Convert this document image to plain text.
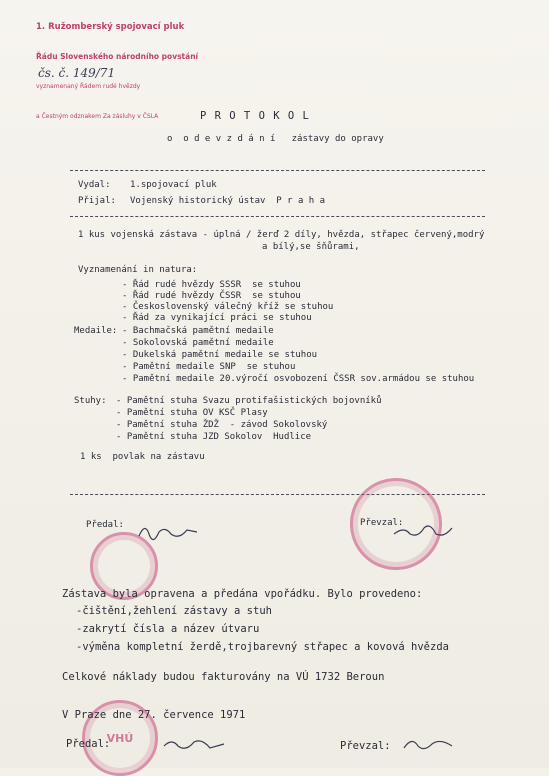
1. Ružomberský spojovací pluk

Řádu Slovenského národního povstání

vyznamenaný Řádem rudé hvězdy

a Čestným odznakem Za zásluhy v ČSLA

čs. č. 149/71
P R O T O K O L
o  o d e v z d á n í   zástavy do opravy
Vydal: 1.spojovací pluk
Přijal: Vojenský historický ústav  P r a h a
1 kus vojenská zástava - úplná / žerď 2 díly, hvězda, střapec červený,modrý
a bílý,se šňůrami,
Vyznamenání in natura:
- Řád rudé hvězdy SSSR  se stuhou
- Řád rudé hvězdy ČSSR  se stuhou
- Československý válečný kříž se stuhou
- Řád za vynikající práci se stuhou
Medaile: - Bachmačská pamětní medaile
- Sokolovská pamětní medaile
- Dukelská pamětní medaile se stuhou
- Pamětní medaile SNP  se stuhou
- Pamětní medaile 20.výročí osvobození ČSSR sov.armádou se stuhou
Stuhy: - Pamětní stuha Svazu protifašistických bojovníků
- Pamětní stuha OV KSČ Plasy
- Pamětní stuha ŽDŽ  - závod Sokolovský
- Pamětní stuha JZD Sokolov  Hudlice
1 ks  povlak na zástavu
VHÚ
Předal:	Převzal:
Zástava byla opravena a předána vpořádku. Bylo provedeno:
-čištění,žehlení zástavy a stuh
-zakrytí čísla a název útvaru
-výměna kompletní žerdě,trojbarevný střapec a kovová hvězda
Celkové náklady budou fakturovány na VÚ 1732 Beroun
V Praze dne 27. července 1971
Předal:	Převzal:
